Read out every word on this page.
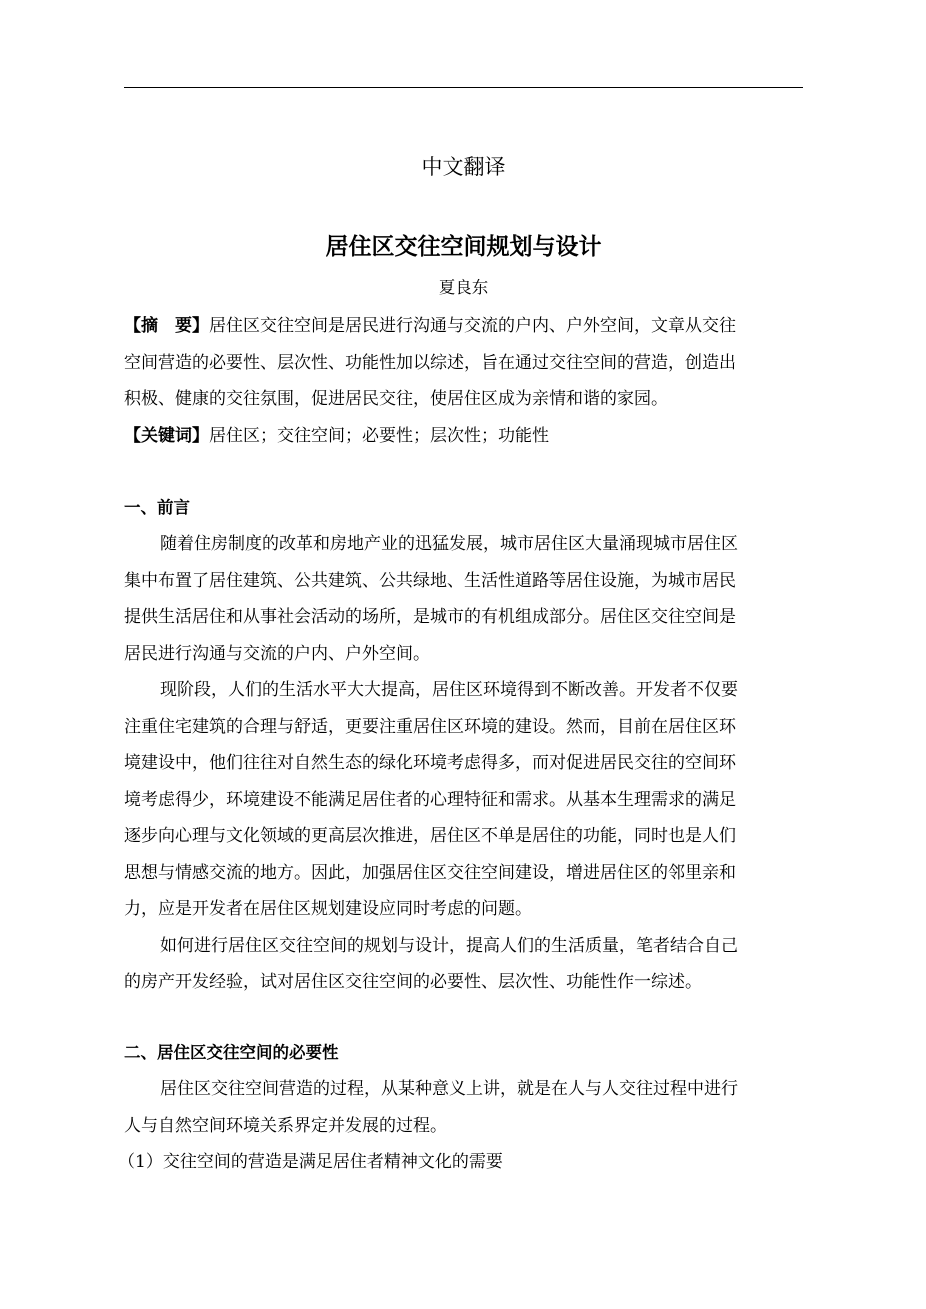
中文翻译
居住区交往空间规划与设计
夏良东
【摘　要】居住区交往空间是居民进行沟通与交流的户内、户外空间，文章从交往
空间营造的必要性、层次性、功能性加以综述，旨在通过交往空间的营造，创造出
积极、健康的交往氛围，促进居民交往，使居住区成为亲情和谐的家园。
【关键词】居住区；交往空间；必要性；层次性；功能性
一、前言
随着住房制度的改革和房地产业的迅猛发展，城市居住区大量涌现城市居住区
集中布置了居住建筑、公共建筑、公共绿地、生活性道路等居住设施，为城市居民
提供生活居住和从事社会活动的场所，是城市的有机组成部分。居住区交往空间是
居民进行沟通与交流的户内、户外空间。
现阶段，人们的生活水平大大提高，居住区环境得到不断改善。开发者不仅要
注重住宅建筑的合理与舒适，更要注重居住区环境的建设。然而，目前在居住区环
境建设中，他们往往对自然生态的绿化环境考虑得多，而对促进居民交往的空间环
境考虑得少，环境建设不能满足居住者的心理特征和需求。从基本生理需求的满足
逐步向心理与文化领域的更高层次推进，居住区不单是居住的功能，同时也是人们
思想与情感交流的地方。因此，加强居住区交往空间建设，增进居住区的邻里亲和
力，应是开发者在居住区规划建设应同时考虑的问题。
如何进行居住区交往空间的规划与设计，提高人们的生活质量，笔者结合自己
的房产开发经验，试对居住区交往空间的必要性、层次性、功能性作一综述。
二、居住区交往空间的必要性
居住区交往空间营造的过程，从某种意义上讲，就是在人与人交往过程中进行
人与自然空间环境关系界定并发展的过程。
（1）交往空间的营造是满足居住者精神文化的需要
